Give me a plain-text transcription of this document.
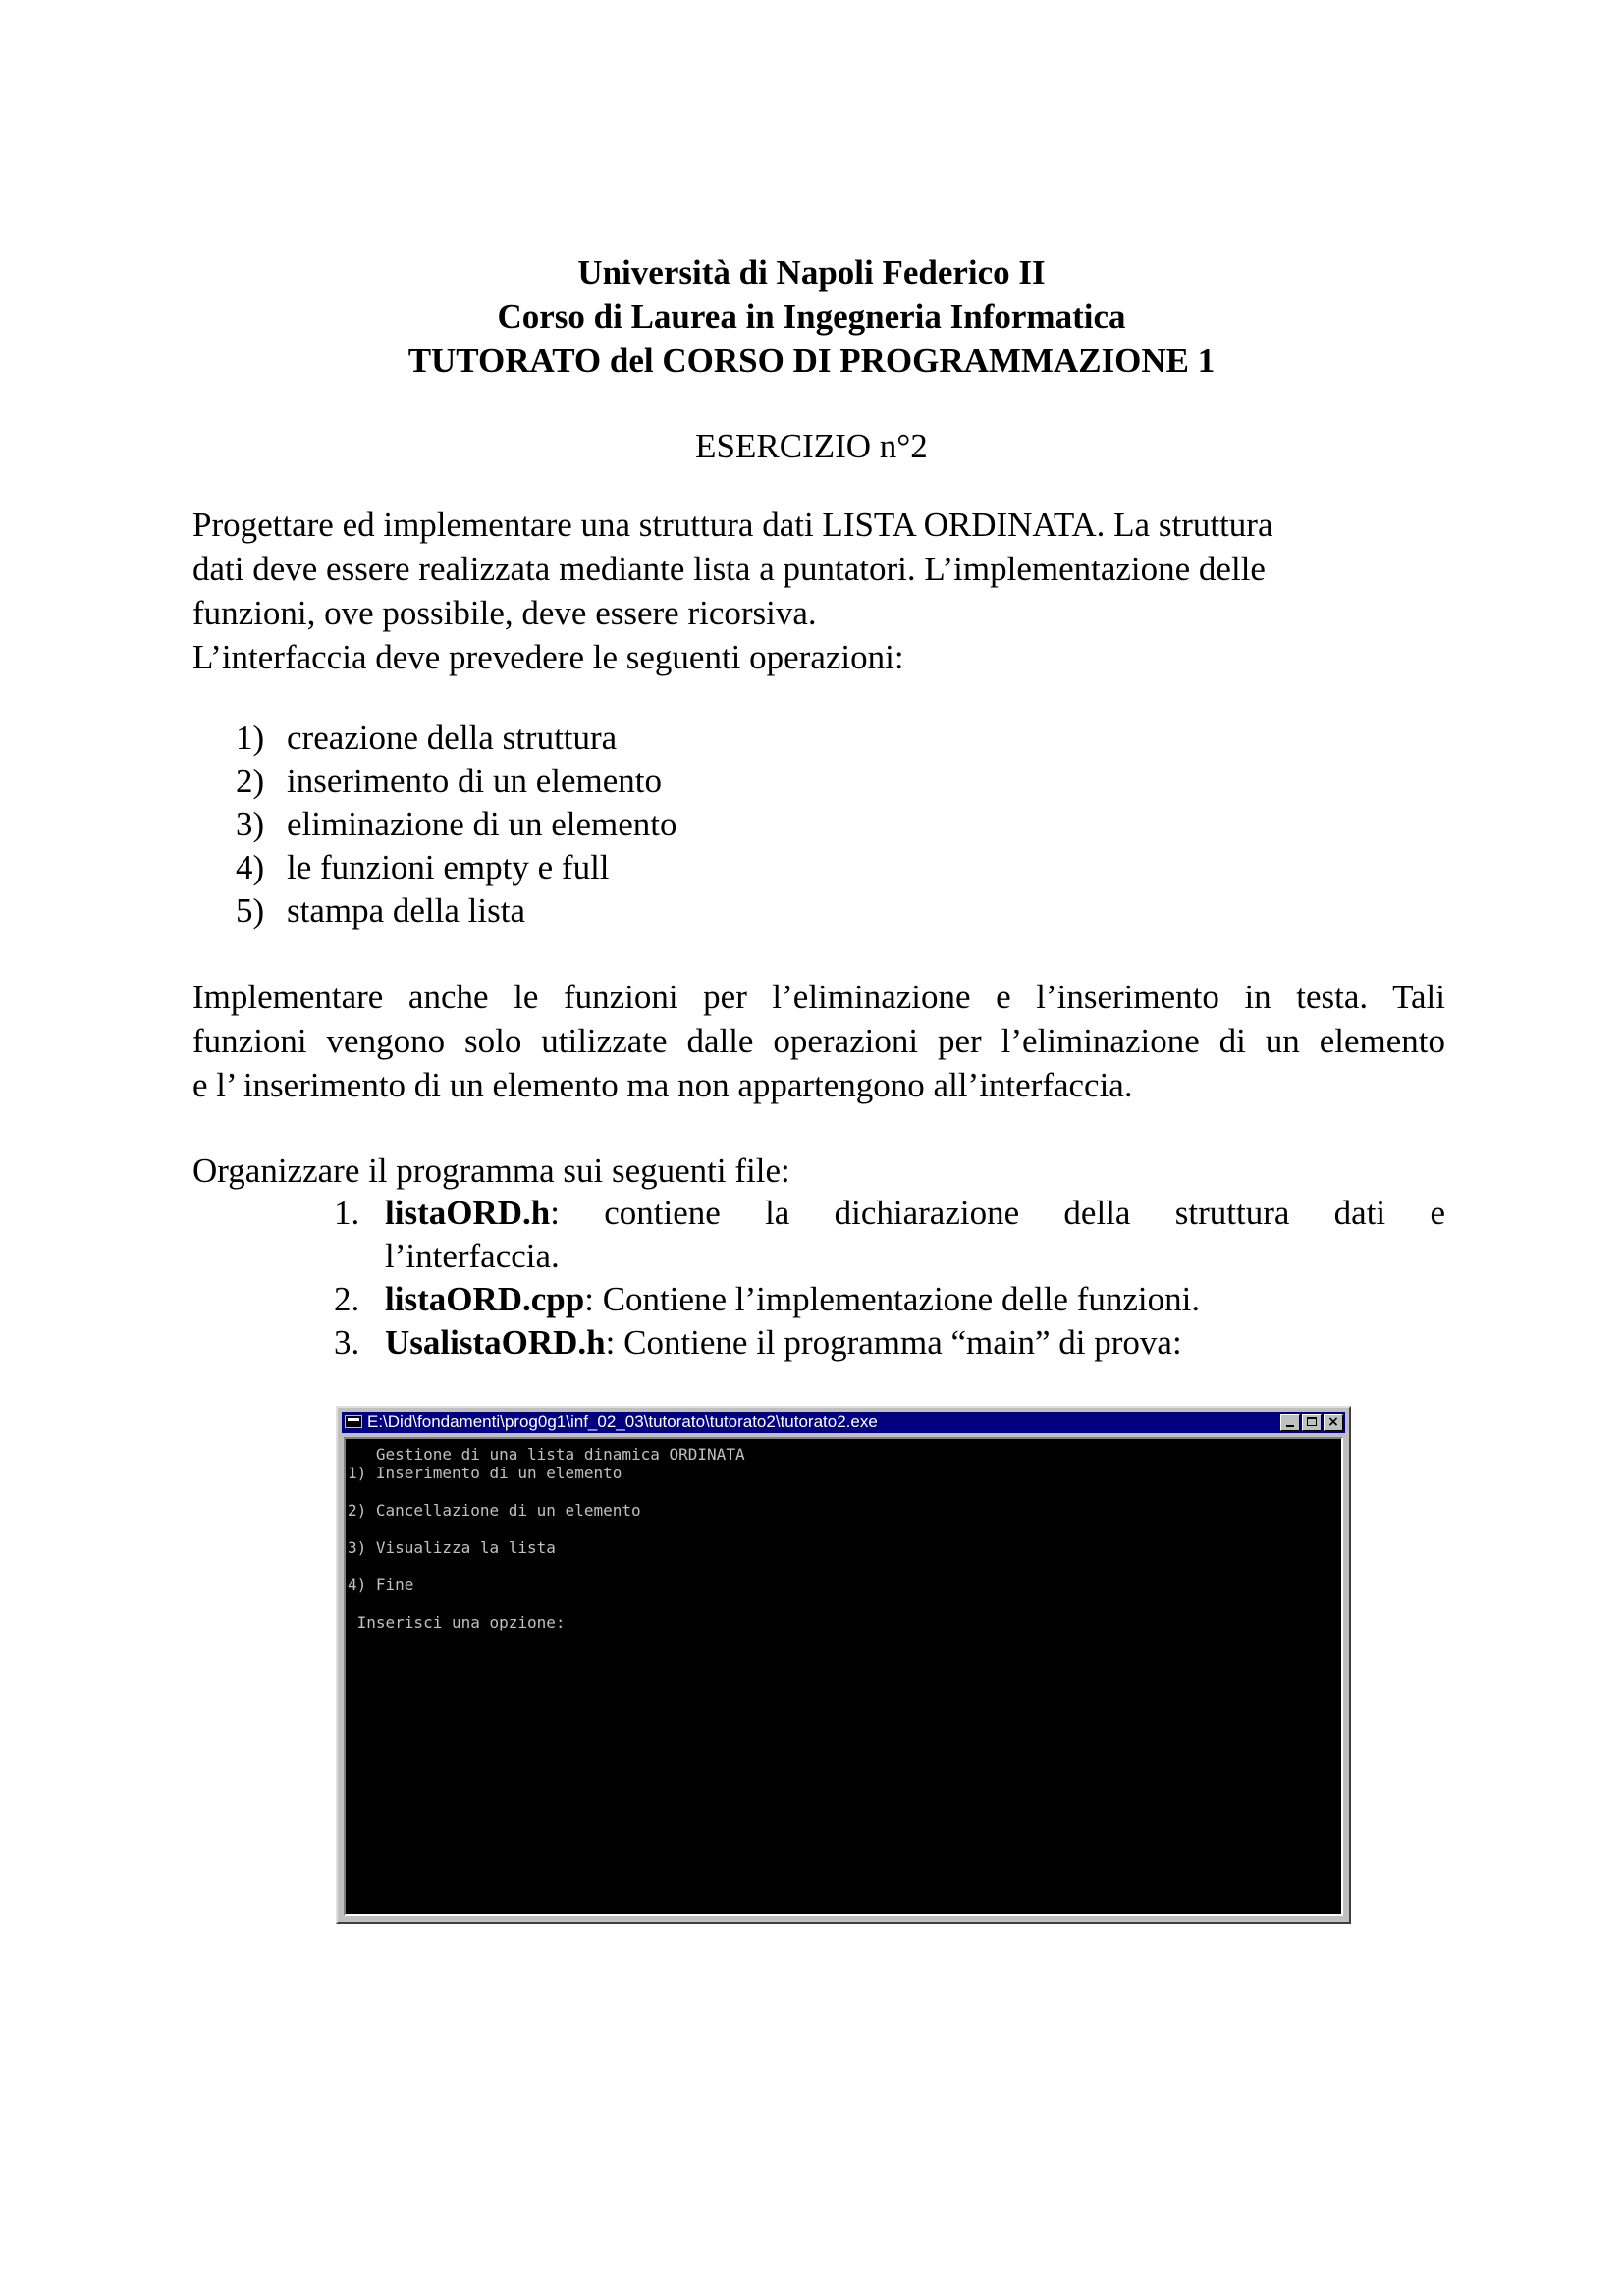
Università di Napoli Federico II
Corso di Laurea in Ingegneria Informatica
TUTORATO del CORSO DI PROGRAMMAZIONE 1
ESERCIZIO n°2
Progettare ed implementare una struttura dati LISTA ORDINATA. La struttura
dati deve essere realizzata mediante lista a puntatori. L’implementazione delle
funzioni, ove possibile, deve essere ricorsiva.
L’interfaccia deve prevedere le seguenti operazioni:
1) creazione della struttura
2) inserimento di un elemento
3) eliminazione di un elemento
4) le funzioni empty e full
5) stampa della lista
Implementare anche le funzioni per l’eliminazione e l’inserimento in testa. Tali
funzioni vengono solo utilizzate dalle operazioni per l’eliminazione di un elemento
e l’ inserimento di un elemento ma non appartengono all’interfaccia.
Organizzare il programma sui seguenti file:
1. listaORD.h: contiene la dichiarazione della struttura dati e
l’interfaccia.
2. listaORD.cpp: Contiene l’implementazione delle funzioni.
3. UsalistaORD.h: Contiene il programma “main” di prova:
E:\Did\fondamenti\prog0g1\inf_02_03\tutorato\tutorato2\tutorato2.exe	×
Gestione di una lista dinamica ORDINATA
1) Inserimento di un elemento
2) Cancellazione di un elemento
3) Visualizza la lista
4) Fine
Inserisci una opzione:
